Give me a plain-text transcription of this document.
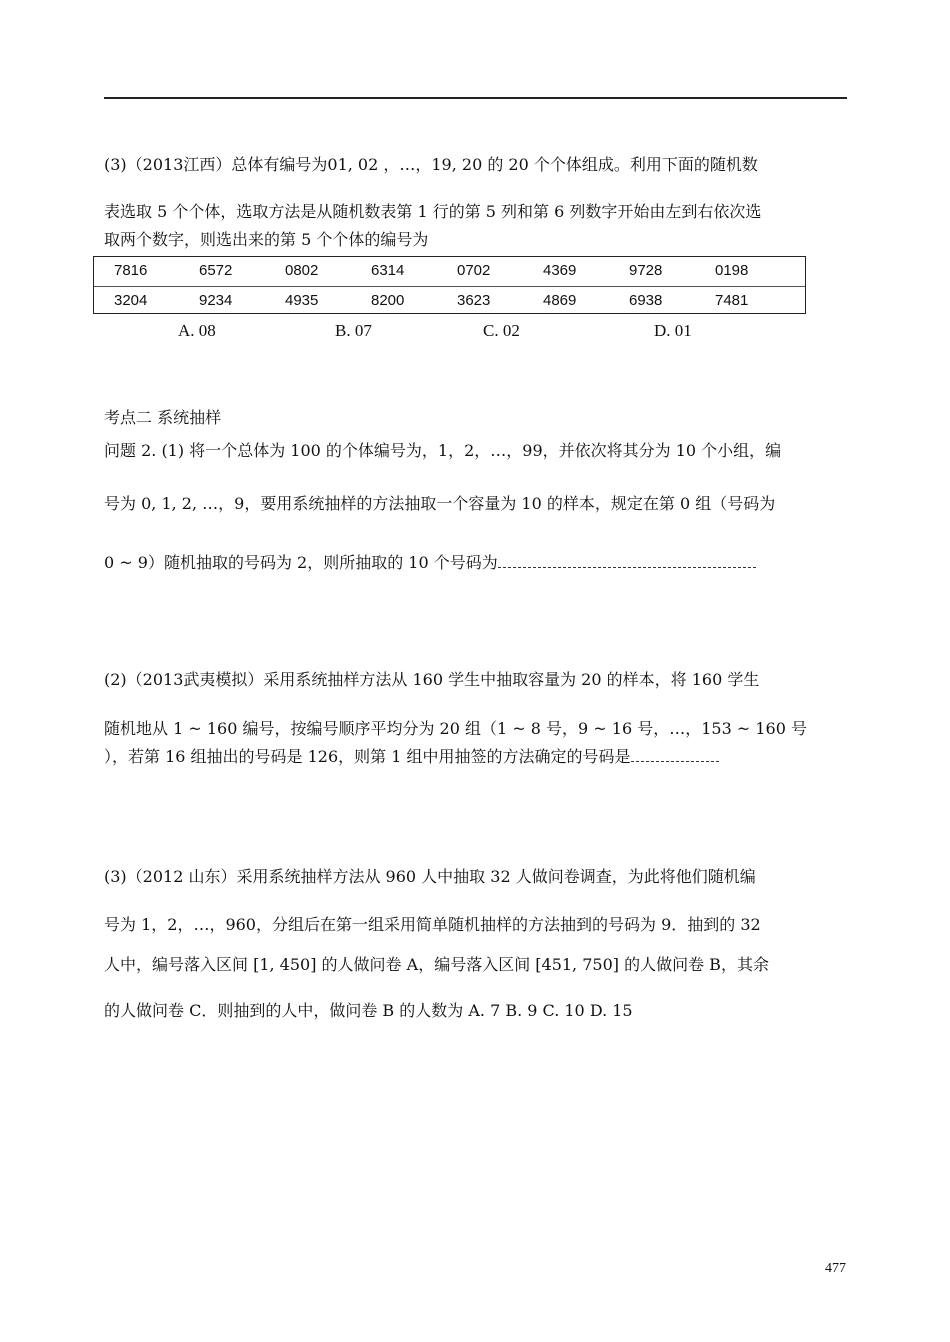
(3)（2013江西）总体有编号为01, 02 ，…，19, 20 的 20 个个体组成。利用下面的随机数
表选取 5 个个体，选取方法是从随机数表第 1 行的第 5 列和第 6 列数字开始由左到右依次选
取两个数字，则选出来的第 5 个个体的编号为
7816	6572	0802	6314	0702	4369	9728	0198
3204	9234	4935	8200	3623	4869	6938	7481
A. 08	B. 07	C. 02	D. 01
考点二 系统抽样
问题 2. (1) 将一个总体为 100 的个体编号为，1，2，…，99，并依次将其分为 10 个小组，编
号为 0, 1, 2, …，9，要用系统抽样的方法抽取一个容量为 10 的样本，规定在第 0 组（号码为
0 ~ 9）随机抽取的号码为 2，则所抽取的 10 个号码为
(2)（2013武夷模拟）采用系统抽样方法从 160 学生中抽取容量为 20 的样本，将 160 学生
随机地从 1 ~ 160 编号，按编号顺序平均分为 20 组（1 ~ 8 号，9 ~ 16 号，…，153 ~ 160 号
），若第 16 组抽出的号码是 126，则第 1 组中用抽签的方法确定的号码是
(3)（2012 山东）采用系统抽样方法从 960 人中抽取 32 人做问卷调查，为此将他们随机编
号为 1，2，…，960，分组后在第一组采用简单随机抽样的方法抽到的号码为 9．抽到的 32
人中，编号落入区间 [1, 450] 的人做问卷 A，编号落入区间 [451, 750] 的人做问卷 B，其余
的人做问卷 C．则抽到的人中，做问卷 B 的人数为 A. 7 B. 9 C. 10 D. 15
477
